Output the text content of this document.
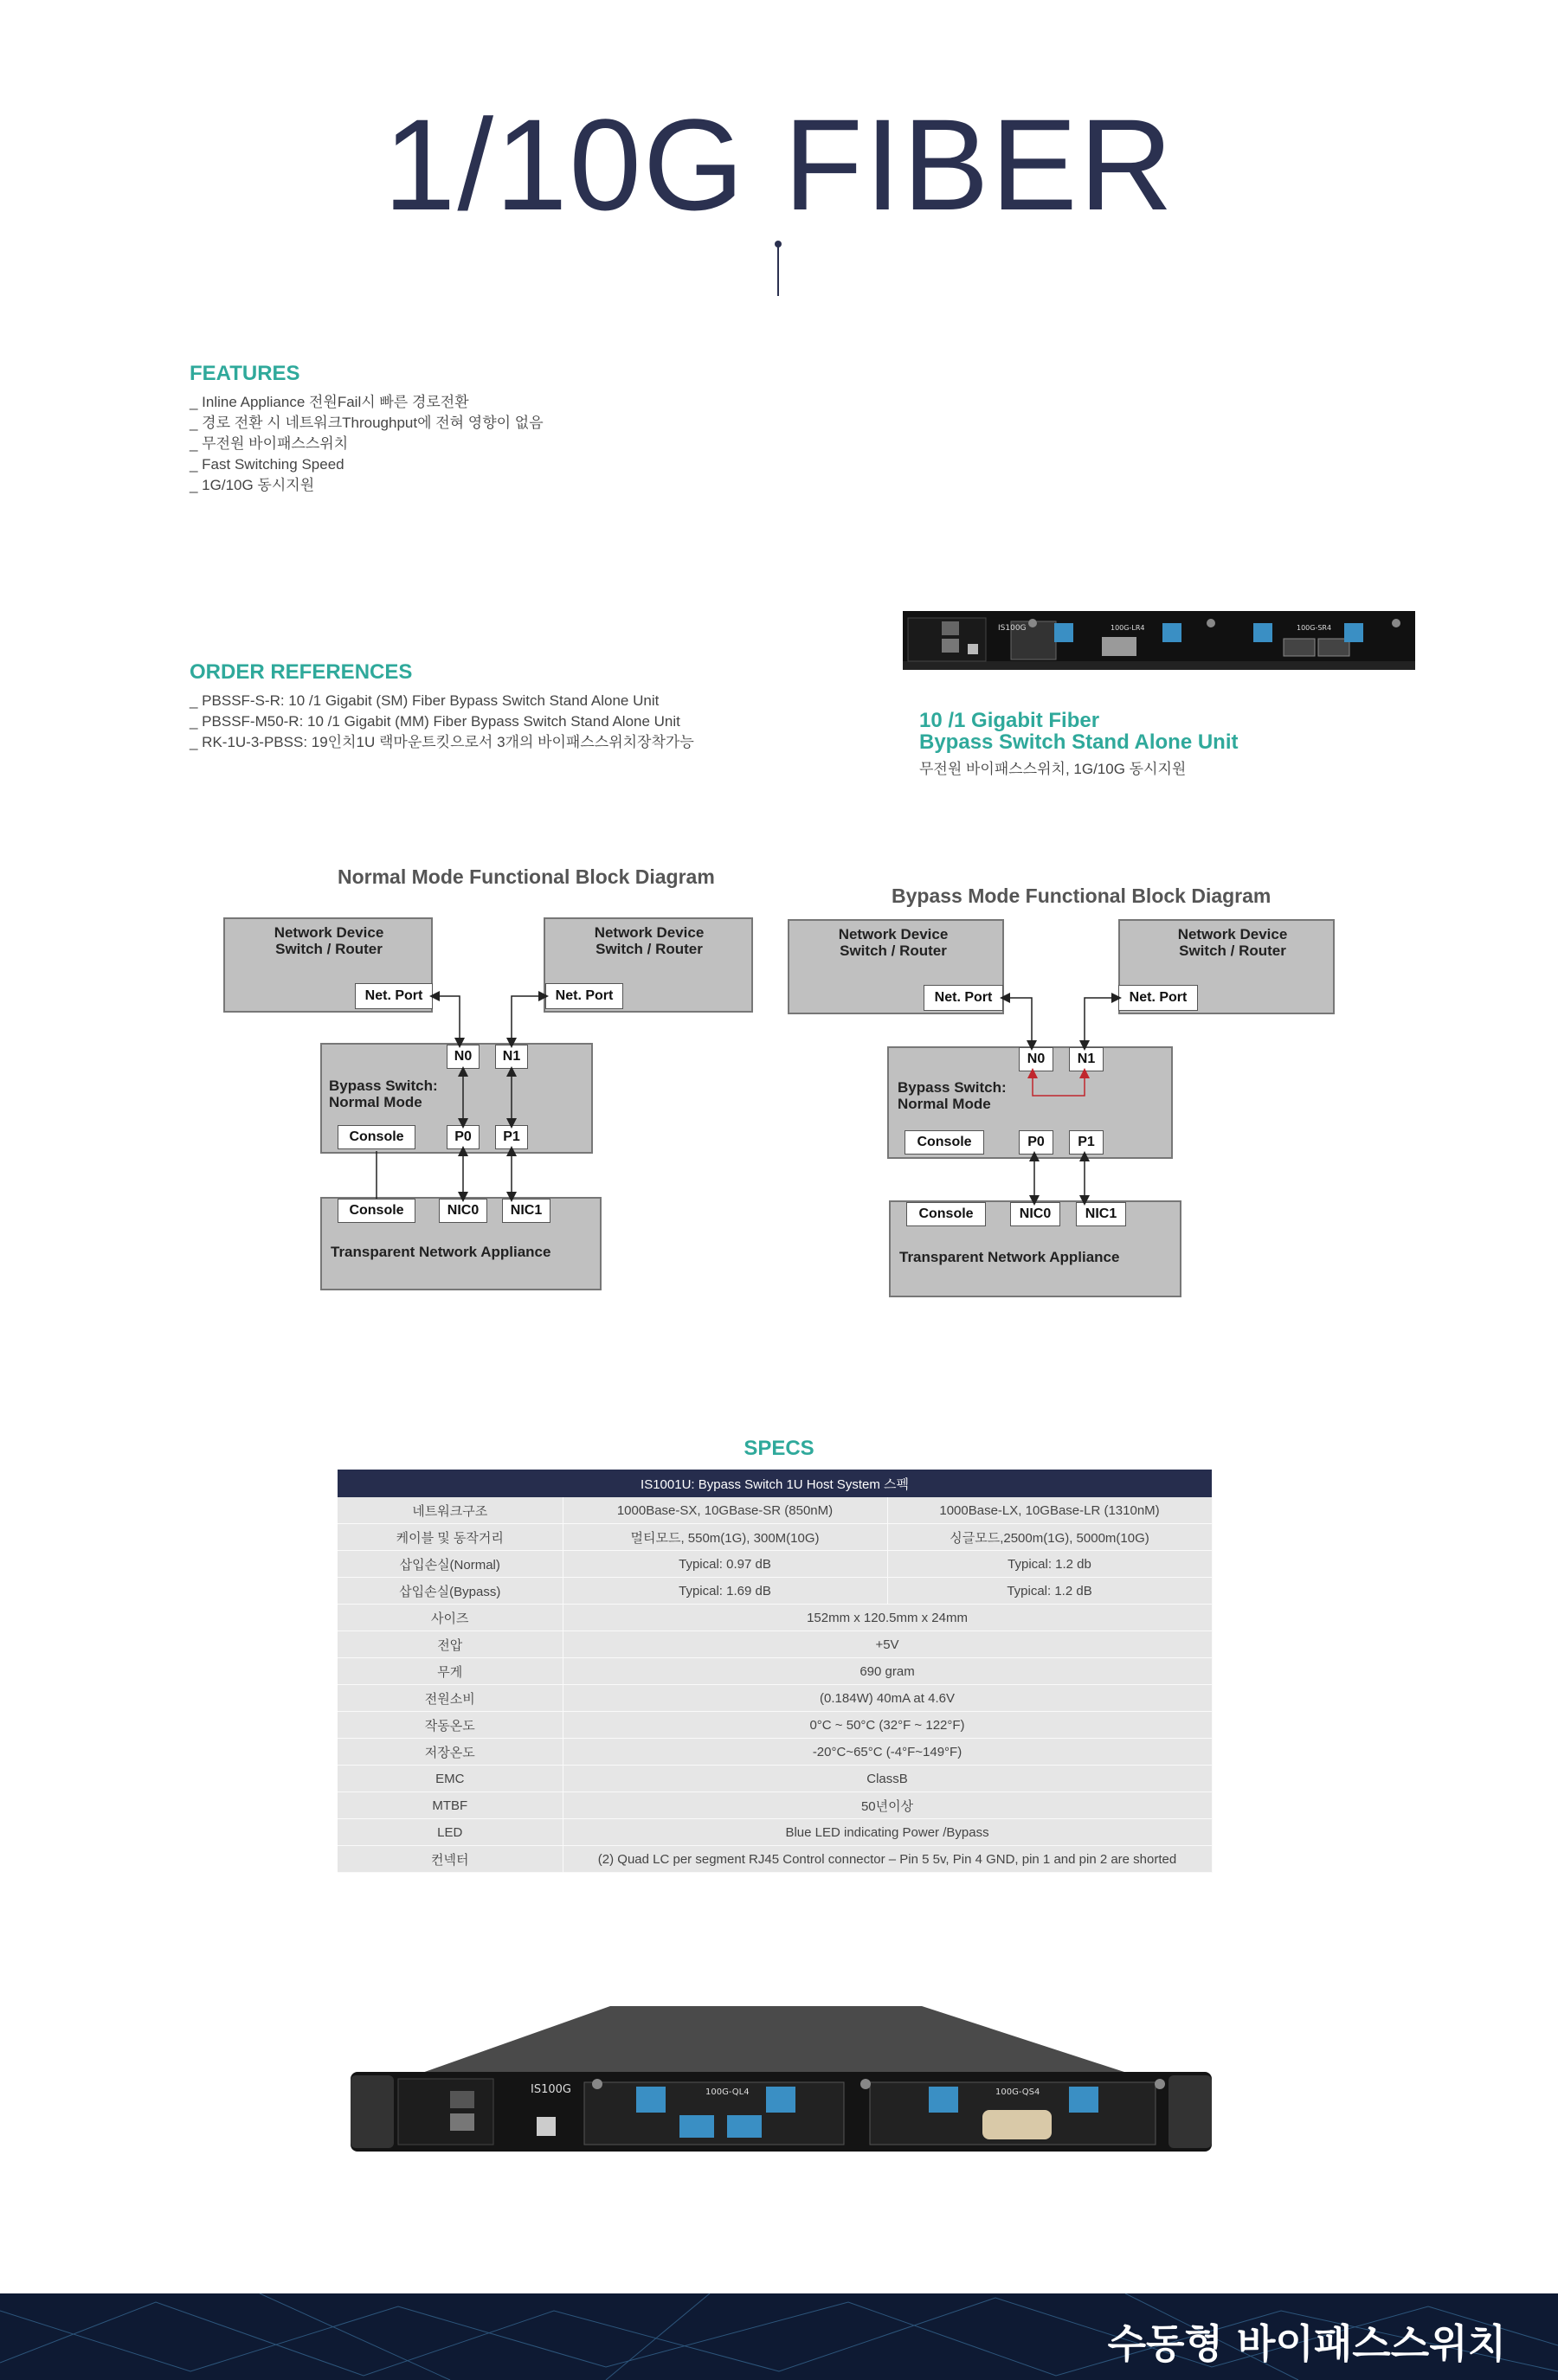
1/10G FIBER
FEATURES
_ Inline Appliance 전원Fail시 빠른 경로전환
_ 경로 전환 시 네트워크Throughput에 전혀 영향이 없음
_ 무전원 바이패스스위치
_ Fast Switching Speed
_ 1G/10G 동시지원
ORDER REFERENCES
_ PBSSF-S-R: 10 /1 Gigabit (SM) Fiber Bypass Switch Stand Alone Unit
_ PBSSF-M50-R: 10 /1 Gigabit (MM) Fiber Bypass Switch Stand Alone Unit
_ RK-1U-3-PBSS: 19인치1U 랙마운트킷으로서 3개의 바이패스스위치장착가능
IS100G	100G-LR4	100G-SR4
10 /1 Gigabit Fiber
Bypass Switch Stand Alone Unit
무전원 바이패스스위치, 1G/10G 동시지원
Normal Mode Functional Block Diagram
Network Device
Switch / Router
Net. Port
Network Device
Switch / Router
Net. Port
Bypass Switch:
Normal Mode
N0	N1
Console	P0	P1
Transparent Network Appliance
Console	NIC0	NIC1
Bypass Mode Functional Block Diagram
Network Device
Switch / Router
Net. Port
Network Device
Switch / Router
Net. Port
Bypass Switch:
Normal Mode
N0	N1
Console	P0	P1
Transparent Network Appliance
Console	NIC0	NIC1
SPECS
IS1001U: Bypass Switch 1U Host System 스펙		
네트워크구조	1000Base-SX, 10GBase-SR (850nM)	1000Base-LX, 10GBase-LR (1310nM)
케이블 및 동작거리	멀티모드, 550m(1G), 300M(10G)	싱글모드,2500m(1G), 5000m(10G)
삽입손실(Normal)	Typical: 0.97 dB	Typical: 1.2 db
삽입손실(Bypass)	Typical: 1.69 dB	Typical: 1.2 dB
사이즈	152mm x 120.5mm x 24mm	
전압	+5V	
무게	690 gram	
전원소비	(0.184W) 40mA at 4.6V	
작동온도	0°C ~ 50°C (32°F ~ 122°F)	
저장온도	-20°C~65°C (-4°F~149°F)	
EMC	ClassB	
MTBF	50년이상	
LED	Blue LED indicating Power /Bypass	
컨넥터	(2) Quad LC per segment RJ45 Control connector – Pin 5 5v, Pin 4 GND, pin 1 and pin 2 are shorted	
IS100G	100G-QL4	100G-QS4
수동형 바이패스스위치
